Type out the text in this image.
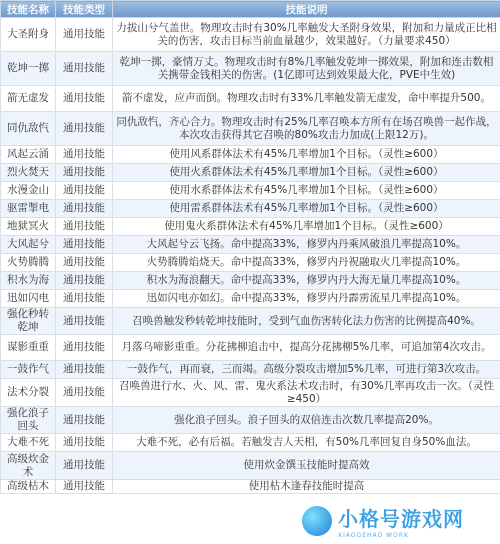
技能名称	技能类型	技能说明
大圣附身	通用技能	力拔山兮气盖世。物理攻击时有30%几率触发大圣附身效果，附加和力量成正比相关的伤害，攻击目标当前血量越少，效果越好。（力量要求450）
乾坤一掷	通用技能	乾坤一掷，豪情万丈。物理攻击时有8%几率触发乾坤一掷效果，附加和连击数相关携带金钱相关的伤害。(1亿即可达到效果最大化，PVE中生效)
箭无虚发	通用技能	箭不虚发，应声而倒。物理攻击时有33%几率触发箭无虚发，命中率提升500。
同仇敌忾	通用技能	同仇敌忾，齐心合力。物理攻击时有25%几率召唤本方所有在场召唤兽一起作战，本次攻击获得其它召唤的80%攻击力加成(上限12万)。
风起云涌	通用技能	使用风系群体法术有45%几率增加1个目标。（灵性≥600）
烈火焚天	通用技能	使用火系群体法术有45%几率增加1个目标。（灵性≥600）
水漫金山	通用技能	使用水系群体法术有45%几率增加1个目标。（灵性≥600）
驱雷掣电	通用技能	使用雷系群体法术有45%几率增加1个目标。（灵性≥600）
地狱冥火	通用技能	使用鬼火系群体法术有45%几率增加1个目标。（灵性≥600）
大风起兮	通用技能	大风起兮云飞扬。命中提高33%，修罗内丹乘风破浪几率提高10%。
火势腾腾	通用技能	火势腾腾焰烧天。命中提高33%，修罗内丹祝融取火几率提高10%。
积水为海	通用技能	积水为海浪翻天。命中提高33%，修罗内丹大海无量几率提高10%。
迅如闪电	通用技能	迅如闪电亦如幻。命中提高33%，修罗内丹霹雳流星几率提高10%。
强化秒转乾坤	通用技能	召唤兽触发秒转乾坤技能时，受到气血伤害转化法力伤害的比例提高40%。
谋影重重	通用技能	月落乌啼影重重。分花拂柳追击中，提高分花拂柳5%几率，可追加第4次攻击。
一鼓作气	通用技能	一鼓作气，再而衰，三而竭。高级分裂攻击增加5%几率，可进行第3次攻击。
法术分裂	通用技能	召唤兽进行水、火、风、雷、鬼火系法术攻击时，有30%几率再攻击一次。（灵性≥450）
强化浪子回头	通用技能	强化浪子回头。浪子回头的双倍连击次数几率提高20%。
大难不死	通用技能	大难不死，必有后福。若触发吉人天相，有50%几率回复自身50%血法。
高级炊金术	通用技能	使用炊金馔玉技能时提高效
高级枯木	通用技能	使用枯木逢春技能时提高
小格号游戏网
XIAOGEHAO WORK
